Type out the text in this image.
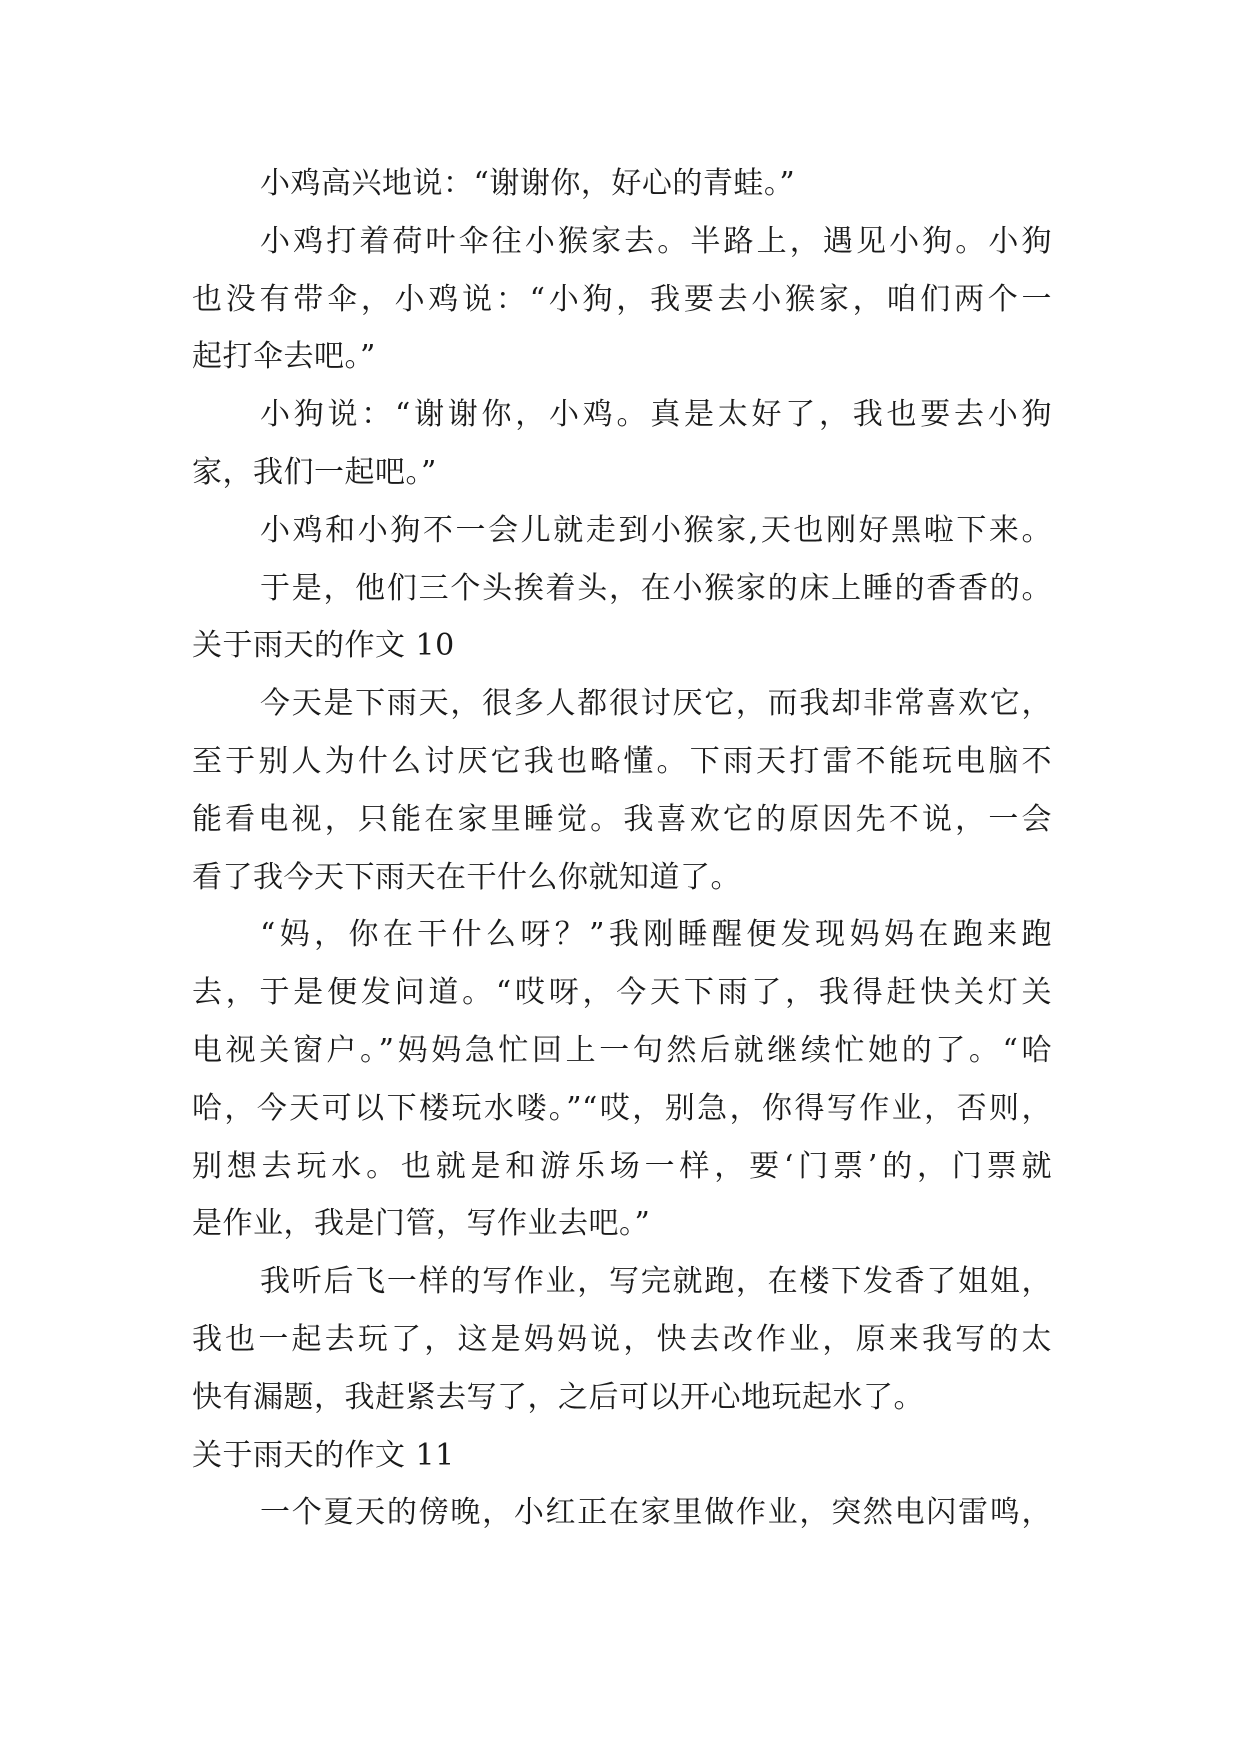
小鸡高兴地说：“谢谢你，好心的青蛙。”
小鸡打着荷叶伞往小猴家去。半路上，遇见小狗。小狗
也没有带伞，小鸡说：“小狗，我要去小猴家，咱们两个一
起打伞去吧。”
小狗说：“谢谢你，小鸡。真是太好了，我也要去小狗
家，我们一起吧。”
小鸡和小狗不一会儿就走到小猴家,天也刚好黑啦下来。
于是，他们三个头挨着头，在小猴家的床上睡的香香的。
关于雨天的作文 10
今天是下雨天，很多人都很讨厌它，而我却非常喜欢它，
至于别人为什么讨厌它我也略懂。下雨天打雷不能玩电脑不
能看电视，只能在家里睡觉。我喜欢它的原因先不说，一会
看了我今天下雨天在干什么你就知道了。
“妈，你在干什么呀？”我刚睡醒便发现妈妈在跑来跑
去，于是便发问道。“哎呀，今天下雨了，我得赶快关灯关
电视关窗户。”妈妈急忙回上一句然后就继续忙她的了。“哈
哈，今天可以下楼玩水喽。”“哎，别急，你得写作业，否则，
别想去玩水。也就是和游乐场一样，要‘门票’的，门票就
是作业，我是门管，写作业去吧。”
我听后飞一样的写作业，写完就跑，在楼下发香了姐姐，
我也一起去玩了，这是妈妈说，快去改作业，原来我写的太
快有漏题，我赶紧去写了，之后可以开心地玩起水了。
关于雨天的作文 11
一个夏天的傍晚，小红正在家里做作业，突然电闪雷鸣，
